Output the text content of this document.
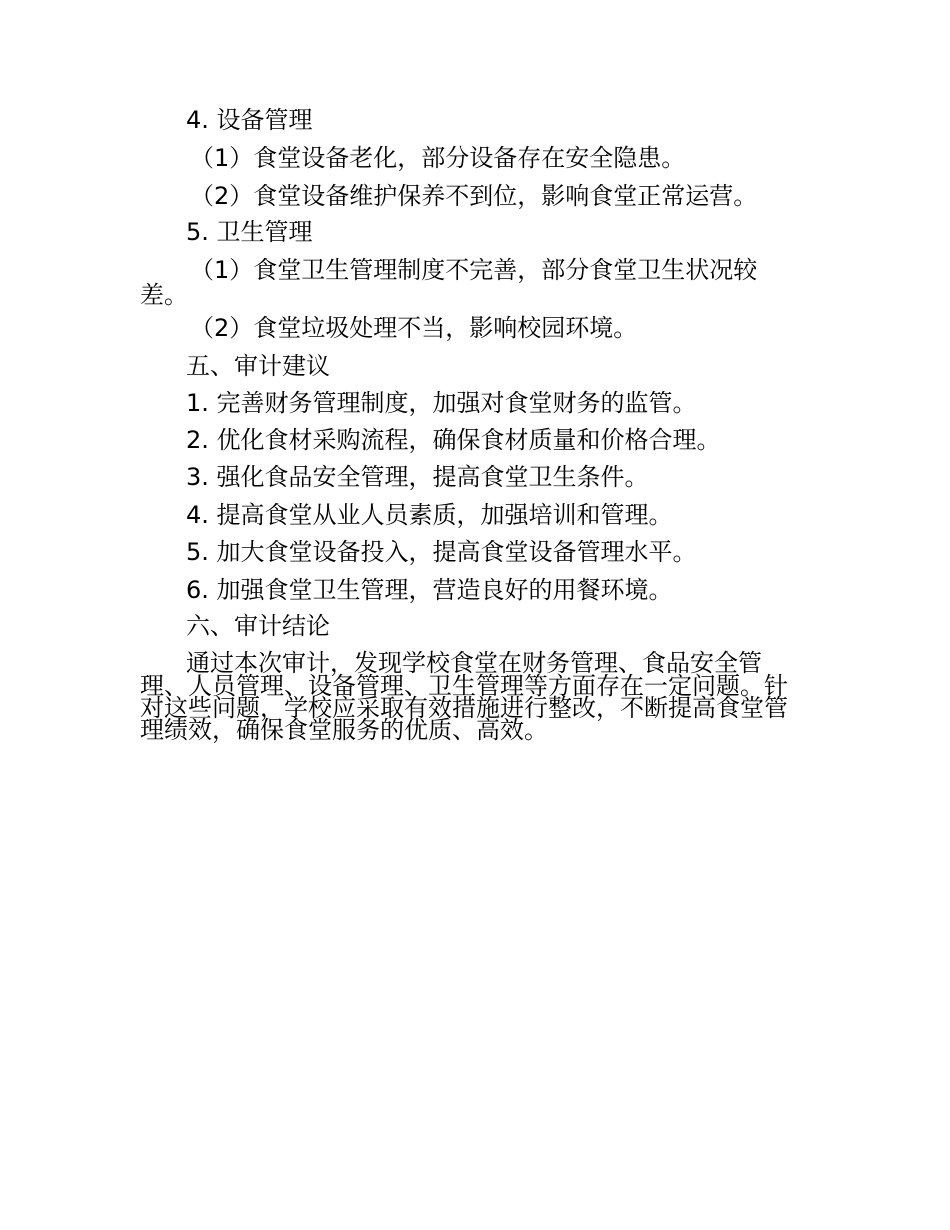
4. 设备管理
（1）食堂设备老化，部分设备存在安全隐患。
（2）食堂设备维护保养不到位，影响食堂正常运营。
5. 卫生管理
（1）食堂卫生管理制度不完善，部分食堂卫生状况较
差。
（2）食堂垃圾处理不当，影响校园环境。
五、审计建议
1. 完善财务管理制度，加强对食堂财务的监管。
2. 优化食材采购流程，确保食材质量和价格合理。
3. 强化食品安全管理，提高食堂卫生条件。
4. 提高食堂从业人员素质，加强培训和管理。
5. 加大食堂设备投入，提高食堂设备管理水平。
6. 加强食堂卫生管理，营造良好的用餐环境。
六、审计结论
通过本次审计，发现学校食堂在财务管理、食品安全管
理、人员管理、设备管理、卫生管理等方面存在一定问题。针
对这些问题，学校应采取有效措施进行整改，不断提高食堂管
理绩效，确保食堂服务的优质、高效。
